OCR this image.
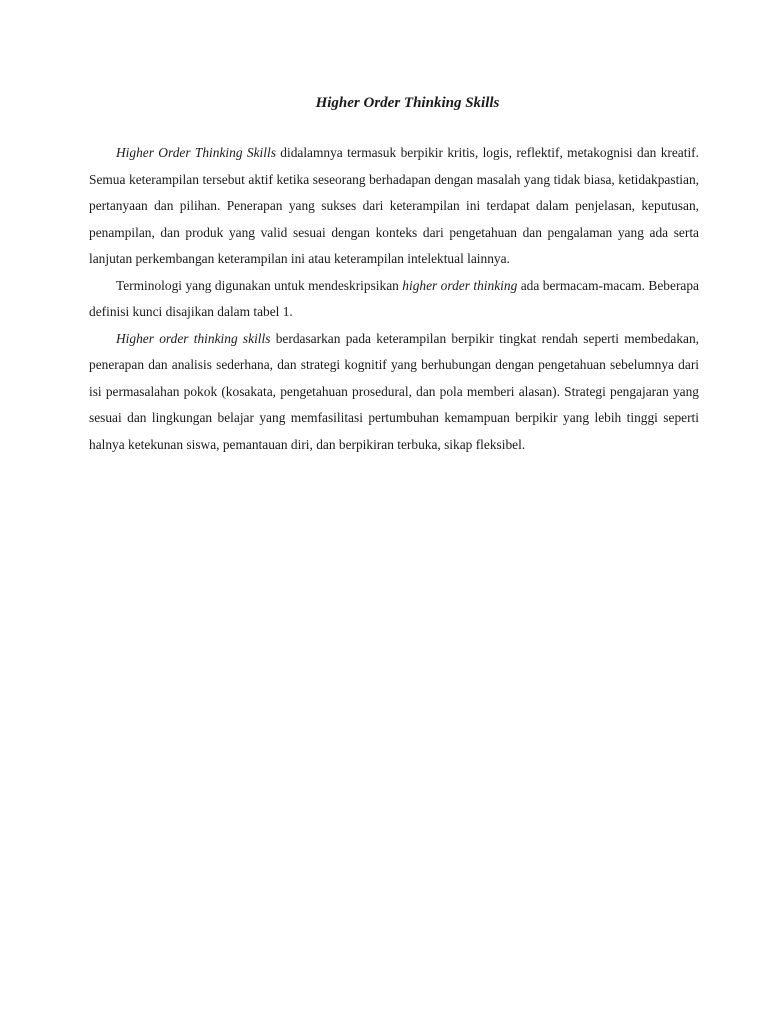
Higher Order Thinking Skills

Higher Order Thinking Skills didalamnya termasuk berpikir kritis, logis, reflektif, metakognisi dan kreatif. Semua keterampilan tersebut aktif ketika seseorang berhadapan dengan masalah yang tidak biasa, ketidakpastian, pertanyaan dan pilihan. Penerapan yang sukses dari keterampilan ini terdapat dalam penjelasan, keputusan, penampilan, dan produk yang valid sesuai dengan konteks dari pengetahuan dan pengalaman yang ada serta lanjutan perkembangan keterampilan ini atau keterampilan intelektual lainnya.

Terminologi yang digunakan untuk mendeskripsikan higher order thinking ada bermacam-macam. Beberapa definisi kunci disajikan dalam tabel 1.

Higher order thinking skills berdasarkan pada keterampilan berpikir tingkat rendah seperti membedakan, penerapan dan analisis sederhana, dan strategi kognitif yang berhubungan dengan pengetahuan sebelumnya dari isi permasalahan pokok (kosakata, pengetahuan prosedural, dan pola memberi alasan). Strategi pengajaran yang sesuai dan lingkungan belajar yang memfasilitasi pertumbuhan kemampuan berpikir yang lebih tinggi seperti halnya ketekunan siswa, pemantauan diri, dan berpikiran terbuka, sikap fleksibel.
